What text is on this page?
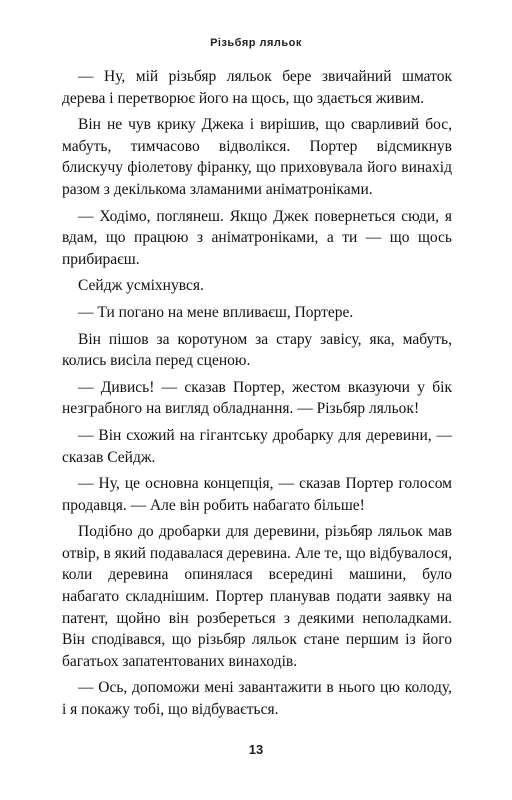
Різьбяр ляльок

— Ну, мій різьбяр ляльок бере звичайний шматок дерева і перетворює його на щось, що здається живим.

Він не чув крику Джека і вирішив, що сварливий бос, мабуть, тимчасово відволікся. Портер відсмикнув блискучу фіолетову фіранку, що приховувала його винахід разом з декількома зламаними аніматроніками.

— Ходімо, поглянеш. Якщо Джек повернеться сюди, я вдам, що працюю з аніматроніками, а ти — що щось прибираєш.

Сейдж усміхнувся.

— Ти погано на мене впливаєш, Портере.

Він пішов за коротуном за стару завісу, яка, мабуть, колись висіла перед сценою.

— Дивись! — сказав Портер, жестом вказуючи у бік незграбного на вигляд обладнання. — Різьбяр ляльок!

— Він схожий на гігантську дробарку для деревини, — сказав Сейдж.

— Ну, це основна концепція, — сказав Портер голосом продавця. — Але він робить набагато більше!

Подібно до дробарки для деревини, різьбяр ляльок мав отвір, в який подавалася деревина. Але те, що відбувалося, коли деревина опинялася всередині машини, було набагато складнішим. Портер планував подати заявку на патент, щойно він розбереться з деякими неполадками. Він сподівався, що різьбяр ляльок стане першим із його багатьох запатентованих винаходів.

— Ось, допоможи мені завантажити в нього цю колоду, і я покажу тобі, що відбувається.

13
